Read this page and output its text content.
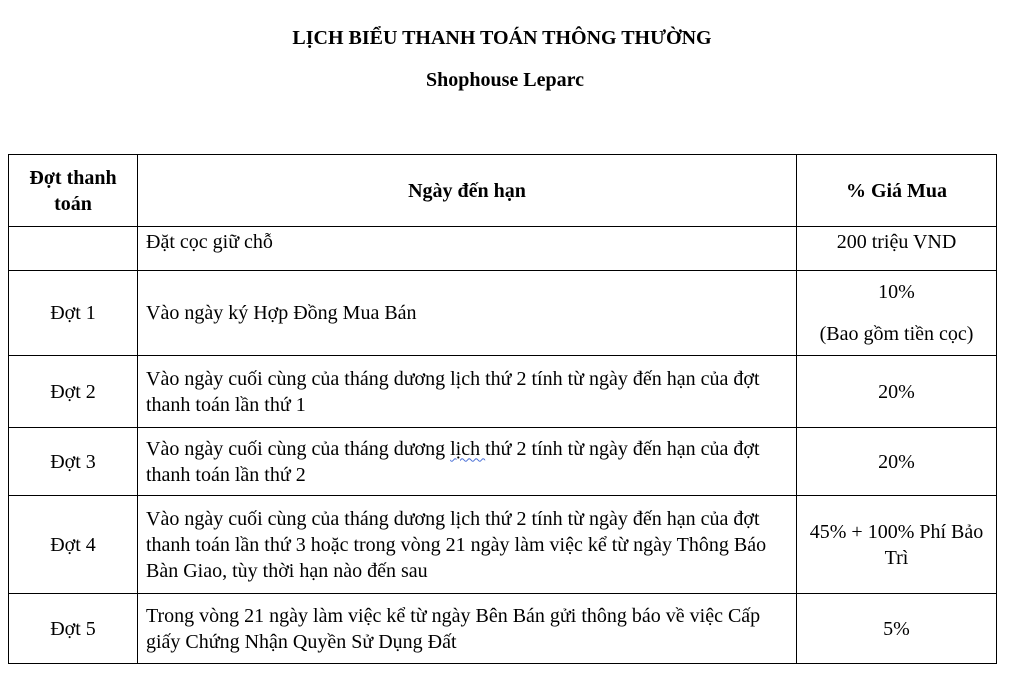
LỊCH BIỂU THANH TOÁN THÔNG THƯỜNG
Shophouse Leparc
Đợt thanh toán	Ngày đến hạn	% Giá Mua
	Đặt cọc giữ chỗ	200 triệu VND
Đợt 1	Vào ngày ký Hợp Đồng Mua Bán	10%
(Bao gồm tiền cọc)

Đợt 2	Vào ngày cuối cùng của tháng dương lịch thứ 2 tính từ ngày đến hạn của đợt thanh toán lần thứ 1	20%
Đợt 3	Vào ngày cuối cùng của tháng dương lịch thứ 2 tính từ ngày đến hạn của đợt thanh toán lần thứ 2	20%
Đợt 4	Vào ngày cuối cùng của tháng dương lịch thứ 2 tính từ ngày đến hạn của đợt thanh toán lần thứ 3 hoặc trong vòng 21 ngày làm việc kể từ ngày Thông Báo Bàn Giao, tùy thời hạn nào đến sau	45% + 100% Phí Bảo Trì
Đợt 5	Trong vòng 21 ngày làm việc kể từ ngày Bên Bán gửi thông báo về việc Cấp giấy Chứng Nhận Quyền Sử Dụng Đất	5%
